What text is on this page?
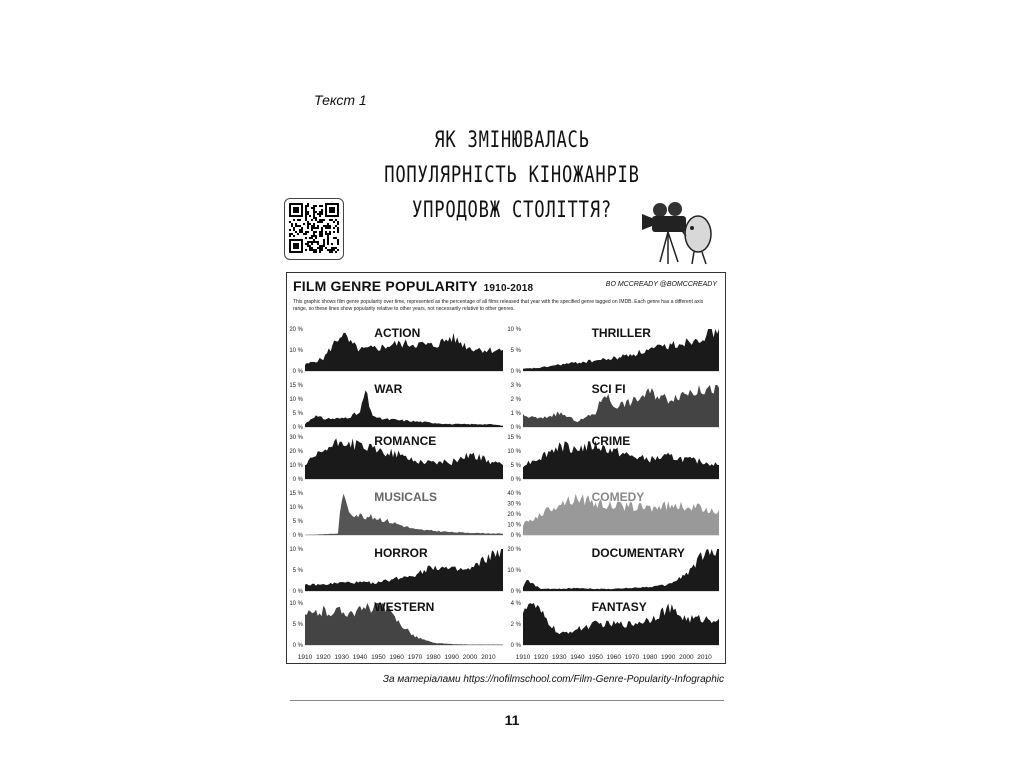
Текст 1
ЯК ЗМІНЮВАЛАСЬ
ПОПУЛЯРНІСТЬ КІНОЖАНРІВ
УПРОДОВЖ СТОЛІТТЯ?
FILM GENRE POPULARITY 1910-2018	BO MCCREADY @BOMCCREADY
This graphic shows film genre popularity over time, represented as the percentage of all films released that year with the specified genre tagged on IMDB. Each genre has a different axis range, so these lines show popularity relative to other years, not necessarily relative to other genres.
20 %
10 %
0 %
ACTION	10 %
5 %
0 %
THRILLER
15 %
10 %
5 %
0 %
WAR	3 %
2 %
1 %
0 %
SCI FI
30 %
20 %
10 %
0 %
ROMANCE	15 %
10 %
5 %
0 %
CRIME
15 %
10 %
5 %
0 %
MUSICALS	40 %
30 %
20 %
10 %
0 %
COMEDY
10 %
5 %
0 %
HORROR	20 %
10 %
0 %
DOCUMENTARY
10 %
5 %
0 %
WESTERN	4 %
2 %
0 %
FANTASY
1910 1920 1930 1940 1950 1960 1970 1980 1990 2000 2010	1910 1920 1930 1940 1950 1960 1970 1980 1990 2000 2010
За матеріалами https://nofilmschool.com/Film-Genre-Popularity-Infographic
11
